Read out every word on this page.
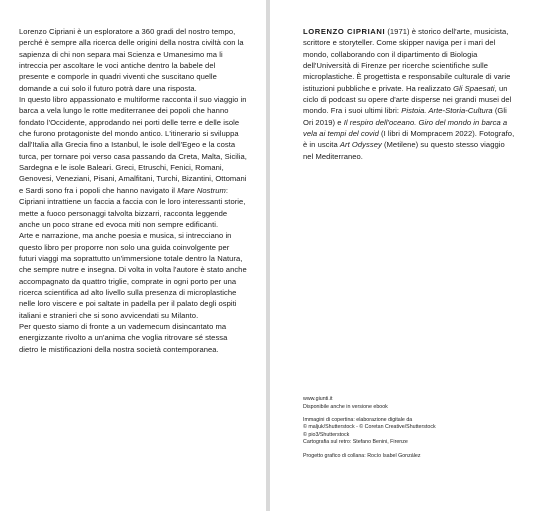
Lorenzo Cipriani è un esploratore a 360 gradi del nostro tempo, perché è sempre alla ricerca delle origini della nostra civiltà con la sapienza di chi non separa mai Scienza e Umanesimo ma li intreccia per ascoltare le voci antiche dentro la babele del presente e comporle in quadri viventi che suscitano quelle domande a cui solo il futuro potrà dare una risposta.

In questo libro appassionato e multiforme racconta il suo viaggio in barca a vela lungo le rotte mediterranee dei popoli che hanno fondato l'Occidente, approdando nei porti delle terre e delle isole che furono protagoniste del mondo antico. L'itinerario si sviluppa dall'Italia alla Grecia fino a Istanbul, le isole dell'Egeo e la costa turca, per tornare poi verso casa passando da Creta, Malta, Sicilia, Sardegna e le isole Baleari. Greci, Etruschi, Fenici, Romani, Genovesi, Veneziani, Pisani, Amalfitani, Turchi, Bizantini, Ottomani e Sardi sono fra i popoli che hanno navigato il Mare Nostrum: Cipriani intrattiene un faccia a faccia con le loro interessanti storie, mette a fuoco personaggi talvolta bizzarri, racconta leggende anche un poco strane ed evoca miti non sempre edificanti.

Arte e narrazione, ma anche poesia e musica, si intrecciano in questo libro per proporre non solo una guida coinvolgente per futuri viaggi ma soprattutto un'immersione totale dentro la Natura, che sempre nutre e insegna. Di volta in volta l'autore è stato anche accompagnato da quattro triglie, comprate in ogni porto per una ricerca scientifica ad alto livello sulla presenza di microplastiche nelle loro viscere e poi saltate in padella per il palato degli ospiti italiani e stranieri che si sono avvicendati su Milanto.

Per questo siamo di fronte a un vademecum disincantato ma energizzante rivolto a un'anima che voglia ritrovare sé stessa dietro le mistificazioni della nostra società contemporanea.

LORENZO CIPRIANI (1971) è storico dell'arte, musicista, scrittore e storyteller. Come skipper naviga per i mari del mondo, collaborando con il dipartimento di Biologia dell'Università di Firenze per ricerche scientifiche sulle microplastiche. È progettista e responsabile culturale di varie istituzioni pubbliche e private. Ha realizzato Gli Spaesati, un ciclo di podcast su opere d'arte disperse nei grandi musei del mondo. Fra i suoi ultimi libri: Pistoia. Arte-Storia-Cultura (Gli Ori 2019) e Il respiro dell'oceano. Giro del mondo in barca a vela ai tempi del covid (I libri di Mompracem 2022). Fotografo, è in uscita Art Odyssey (Metilene) su questo stesso viaggio nel Mediterraneo.

www.giunti.it

Disponibile anche in versione ebook

Immagini di copertina: elaborazione digitale da

© maljuk/Shutterstock - © Coretan Creative/Shutterstock

© pio3/Shutterstock

Cartografia sul retro: Stefano Benini, Firenze

Progetto grafico di collana: Rocío Isabel González
